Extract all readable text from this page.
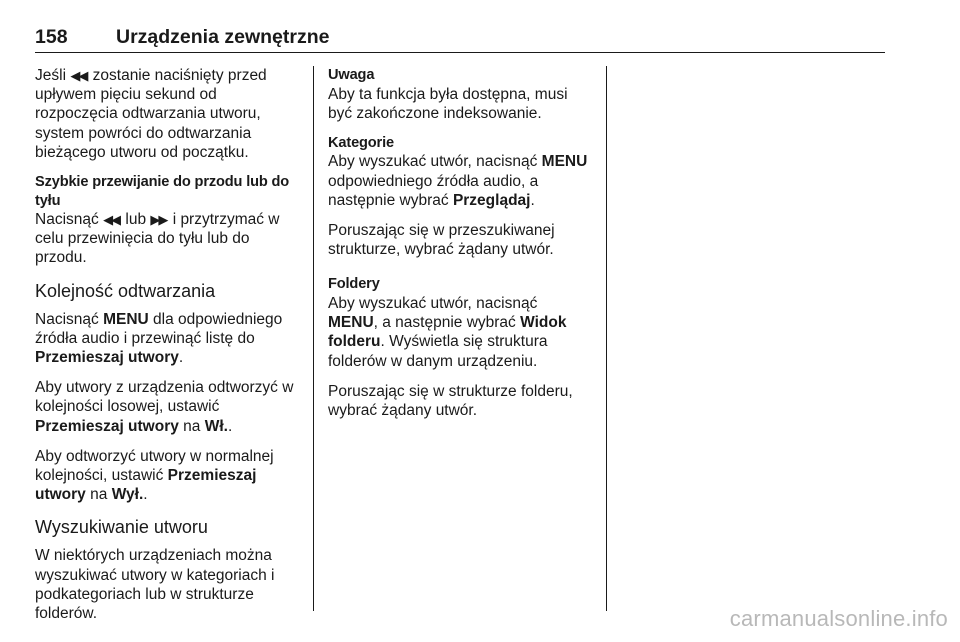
158 Urządzenia zewnętrzne

Jeśli ◀◀ zostanie naciśnięty przed upływem pięciu sekund od rozpoczęcia odtwarzania utworu, system powróci do odtwarzania bieżącego utworu od początku.

Szybkie przewijanie do przodu lub do tyłu

Nacisnąć ◀◀ lub ▶▶ i przytrzymać w celu przewinięcia do tyłu lub do przodu.

Kolejność odtwarzania

Nacisnąć MENU dla odpowiedniego źródła audio i przewinąć listę do Przemieszaj utwory.

Aby utwory z urządzenia odtworzyć w kolejności losowej, ustawić Przemieszaj utwory na Wł..

Aby odtworzyć utwory w normalnej kolejności, ustawić Przemieszaj utwory na Wył..

Wyszukiwanie utworu

W niektórych urządzeniach można wyszukiwać utwory w kategoriach i podkategoriach lub w strukturze folderów.

Uwaga
Aby ta funkcja była dostępna, musi być zakończone indeksowanie.
Kategorie

Aby wyszukać utwór, nacisnąć MENU odpowiedniego źródła audio, a następnie wybrać Przeglądaj.

Poruszając się w przeszukiwanej strukturze, wybrać żądany utwór.

Foldery

Aby wyszukać utwór, nacisnąć MENU, a następnie wybrać Widok folderu. Wyświetla się struktura folderów w danym urządzeniu.

Poruszając się w strukturze folderu, wybrać żądany utwór.

carmanualsonline.info
